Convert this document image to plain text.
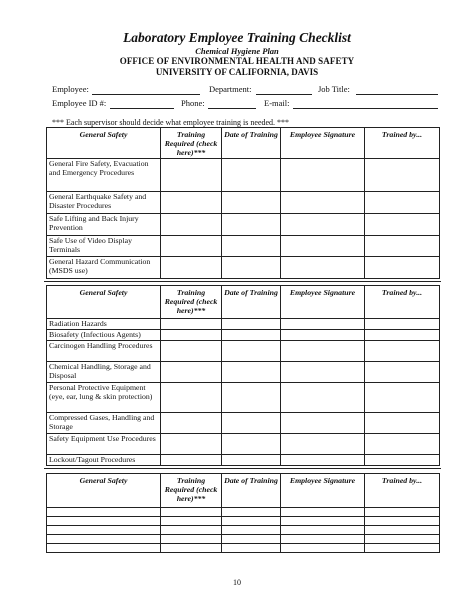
Laboratory Employee Training Checklist
Chemical Hygiene Plan
OFFICE OF ENVIRONMENTAL HEALTH AND SAFETY
UNIVERSITY OF CALIFORNIA, DAVIS
Employee:	Department:	Job Title:
Employee ID #:	Phone:	E-mail:
*** Each supervisor should decide what employee training is needed. ***
General Safety	Training Required (check here)***	Date of Training	Employee Signature	Trained by...
General Fire Safety, Evacuation and Emergency Procedures				
General Earthquake Safety and Disaster Procedures				
Safe Lifting and Back Injury Prevention				
Safe Use of Video Display Terminals				
General Hazard Communication (MSDS use)				
General Safety	Training Required (check here)***	Date of Training	Employee Signature	Trained by...
Radiation Hazards				
Biosafety (Infectious Agents)				
Carcinogen Handling Procedures				
Chemical Handling, Storage and Disposal				
Personal Protective Equipment (eye, ear, lung & skin protection)				
Compressed Gases, Handling and Storage				
Safety Equipment Use Procedures				
Lockout/Tagout Procedures				
General Safety	Training Required (check here)***	Date of Training	Employee Signature	Trained by...

10
